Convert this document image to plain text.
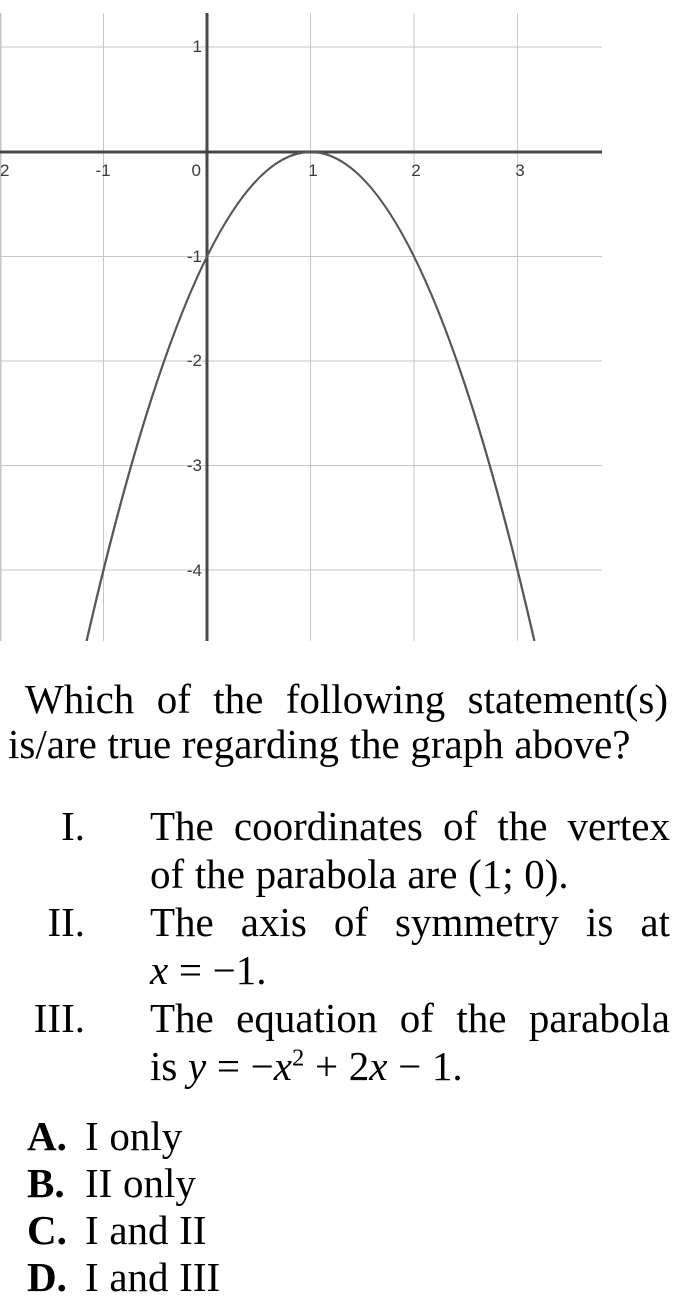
2	-1	0	1	2	3
1
-1
-2
-3
-4
Which of the following statement(s)
is/are true regarding the graph above?
I. The coordinates of the vertex
of the parabola are (1; 0).
II. The axis of symmetry is at
x = −1.
III. The equation of the parabola
is $y = -x^2 + 2x - 1$.
A. I only
B. II only
C. I and II
D. I and III
